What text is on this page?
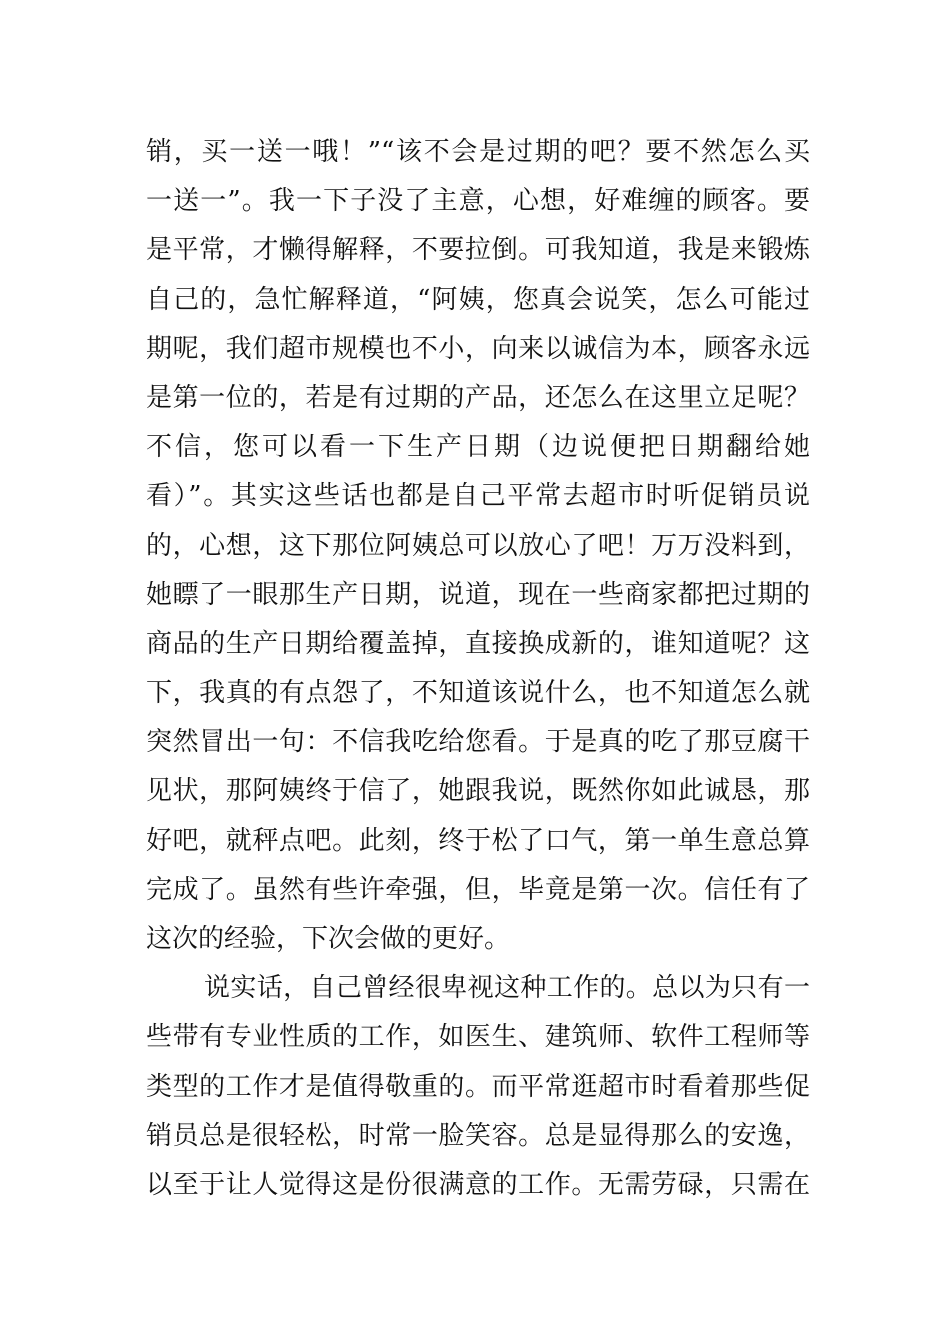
销，买一送一哦！”“该不会是过期的吧？要不然怎么买
一送一”。我一下子没了主意，心想，好难缠的顾客。要
是平常，才懒得解释，不要拉倒。可我知道，我是来锻炼
自己的，急忙解释道，“阿姨，您真会说笑，怎么可能过
期呢，我们超市规模也不小，向来以诚信为本，顾客永远
是第一位的，若是有过期的产品，还怎么在这里立足呢？
不信，您可以看一下生产日期（边说便把日期翻给她
看）”。其实这些话也都是自己平常去超市时听促销员说
的，心想，这下那位阿姨总可以放心了吧！万万没料到，
她瞟了一眼那生产日期，说道，现在一些商家都把过期的
商品的生产日期给覆盖掉，直接换成新的，谁知道呢？这
下，我真的有点怨了，不知道该说什么，也不知道怎么就
突然冒出一句：不信我吃给您看。于是真的吃了那豆腐干
见状，那阿姨终于信了，她跟我说，既然你如此诚恳，那
好吧，就秤点吧。此刻，终于松了口气，第一单生意总算
完成了。虽然有些许牵强，但，毕竟是第一次。信任有了
这次的经验，下次会做的更好。
说实话，自己曾经很卑视这种工作的。总以为只有一
些带有专业性质的工作，如医生、建筑师、软件工程师等
类型的工作才是值得敬重的。而平常逛超市时看着那些促
销员总是很轻松，时常一脸笑容。总是显得那么的安逸，
以至于让人觉得这是份很满意的工作。无需劳碌，只需在
